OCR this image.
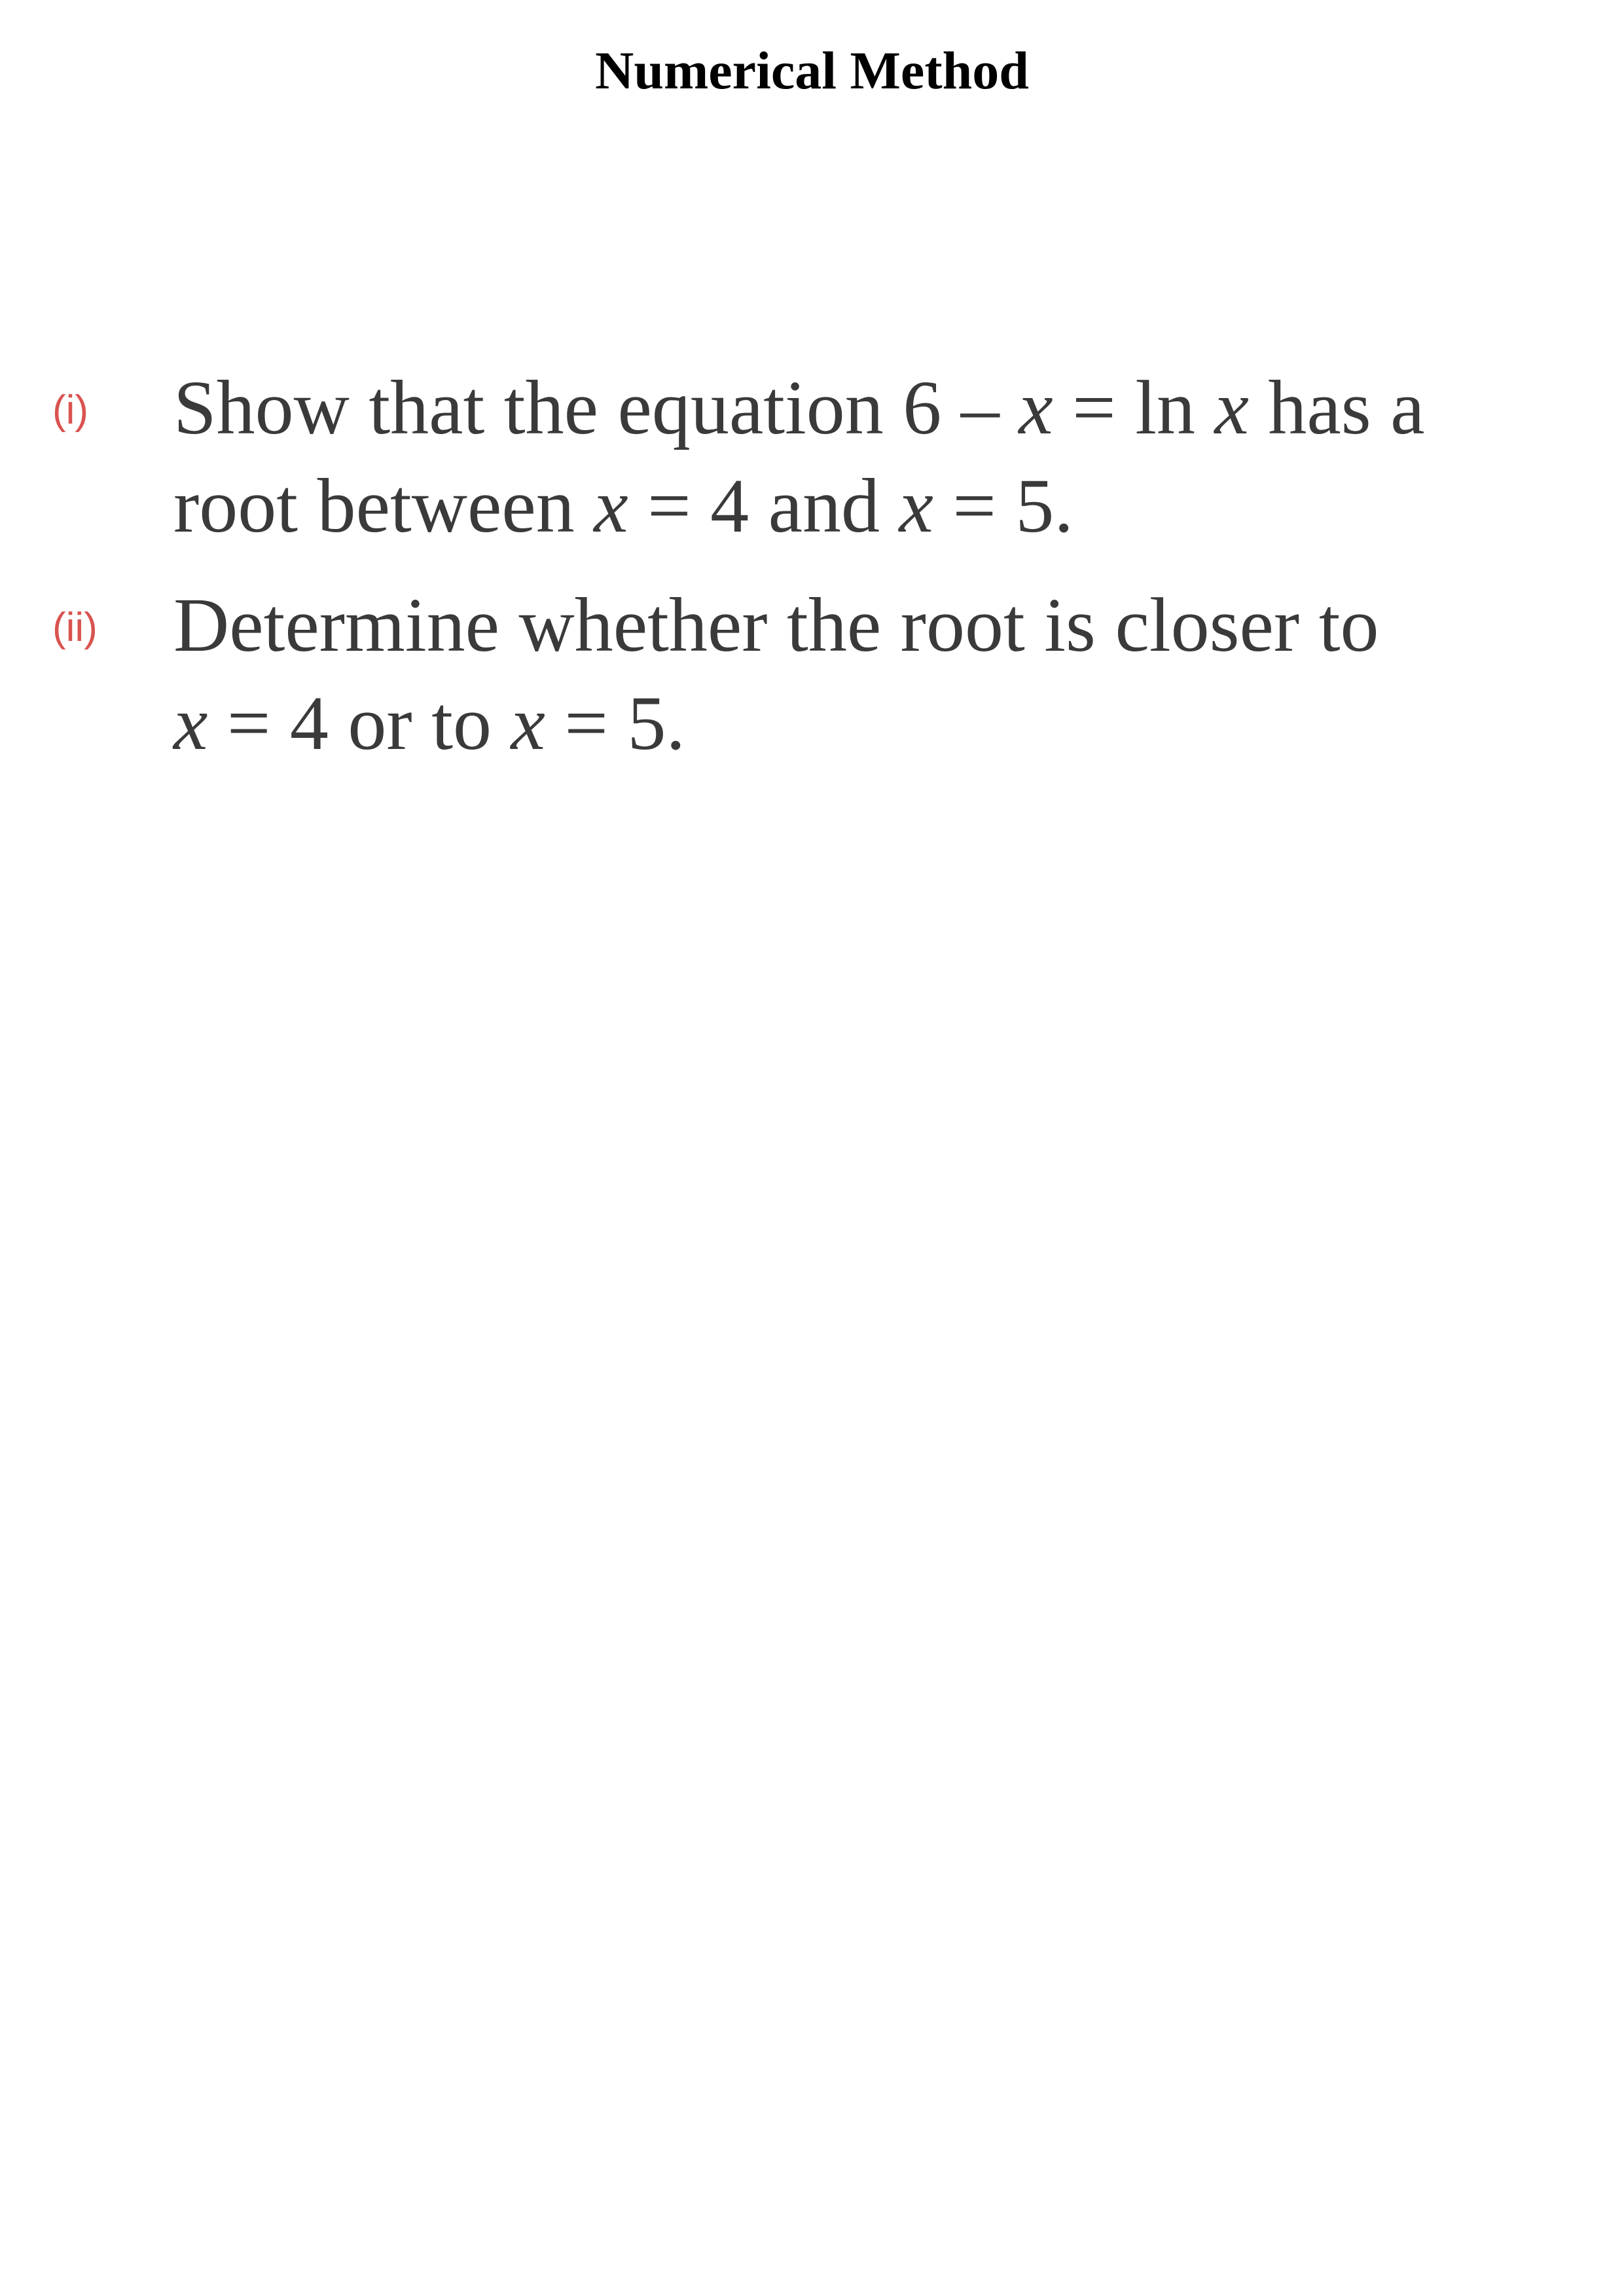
Numerical Method
(i)	Show that the equation 6 – x = ln x has a
root between x = 4 and x = 5.
(ii) Determine whether the root is closer to
x = 4 or to x = 5.
